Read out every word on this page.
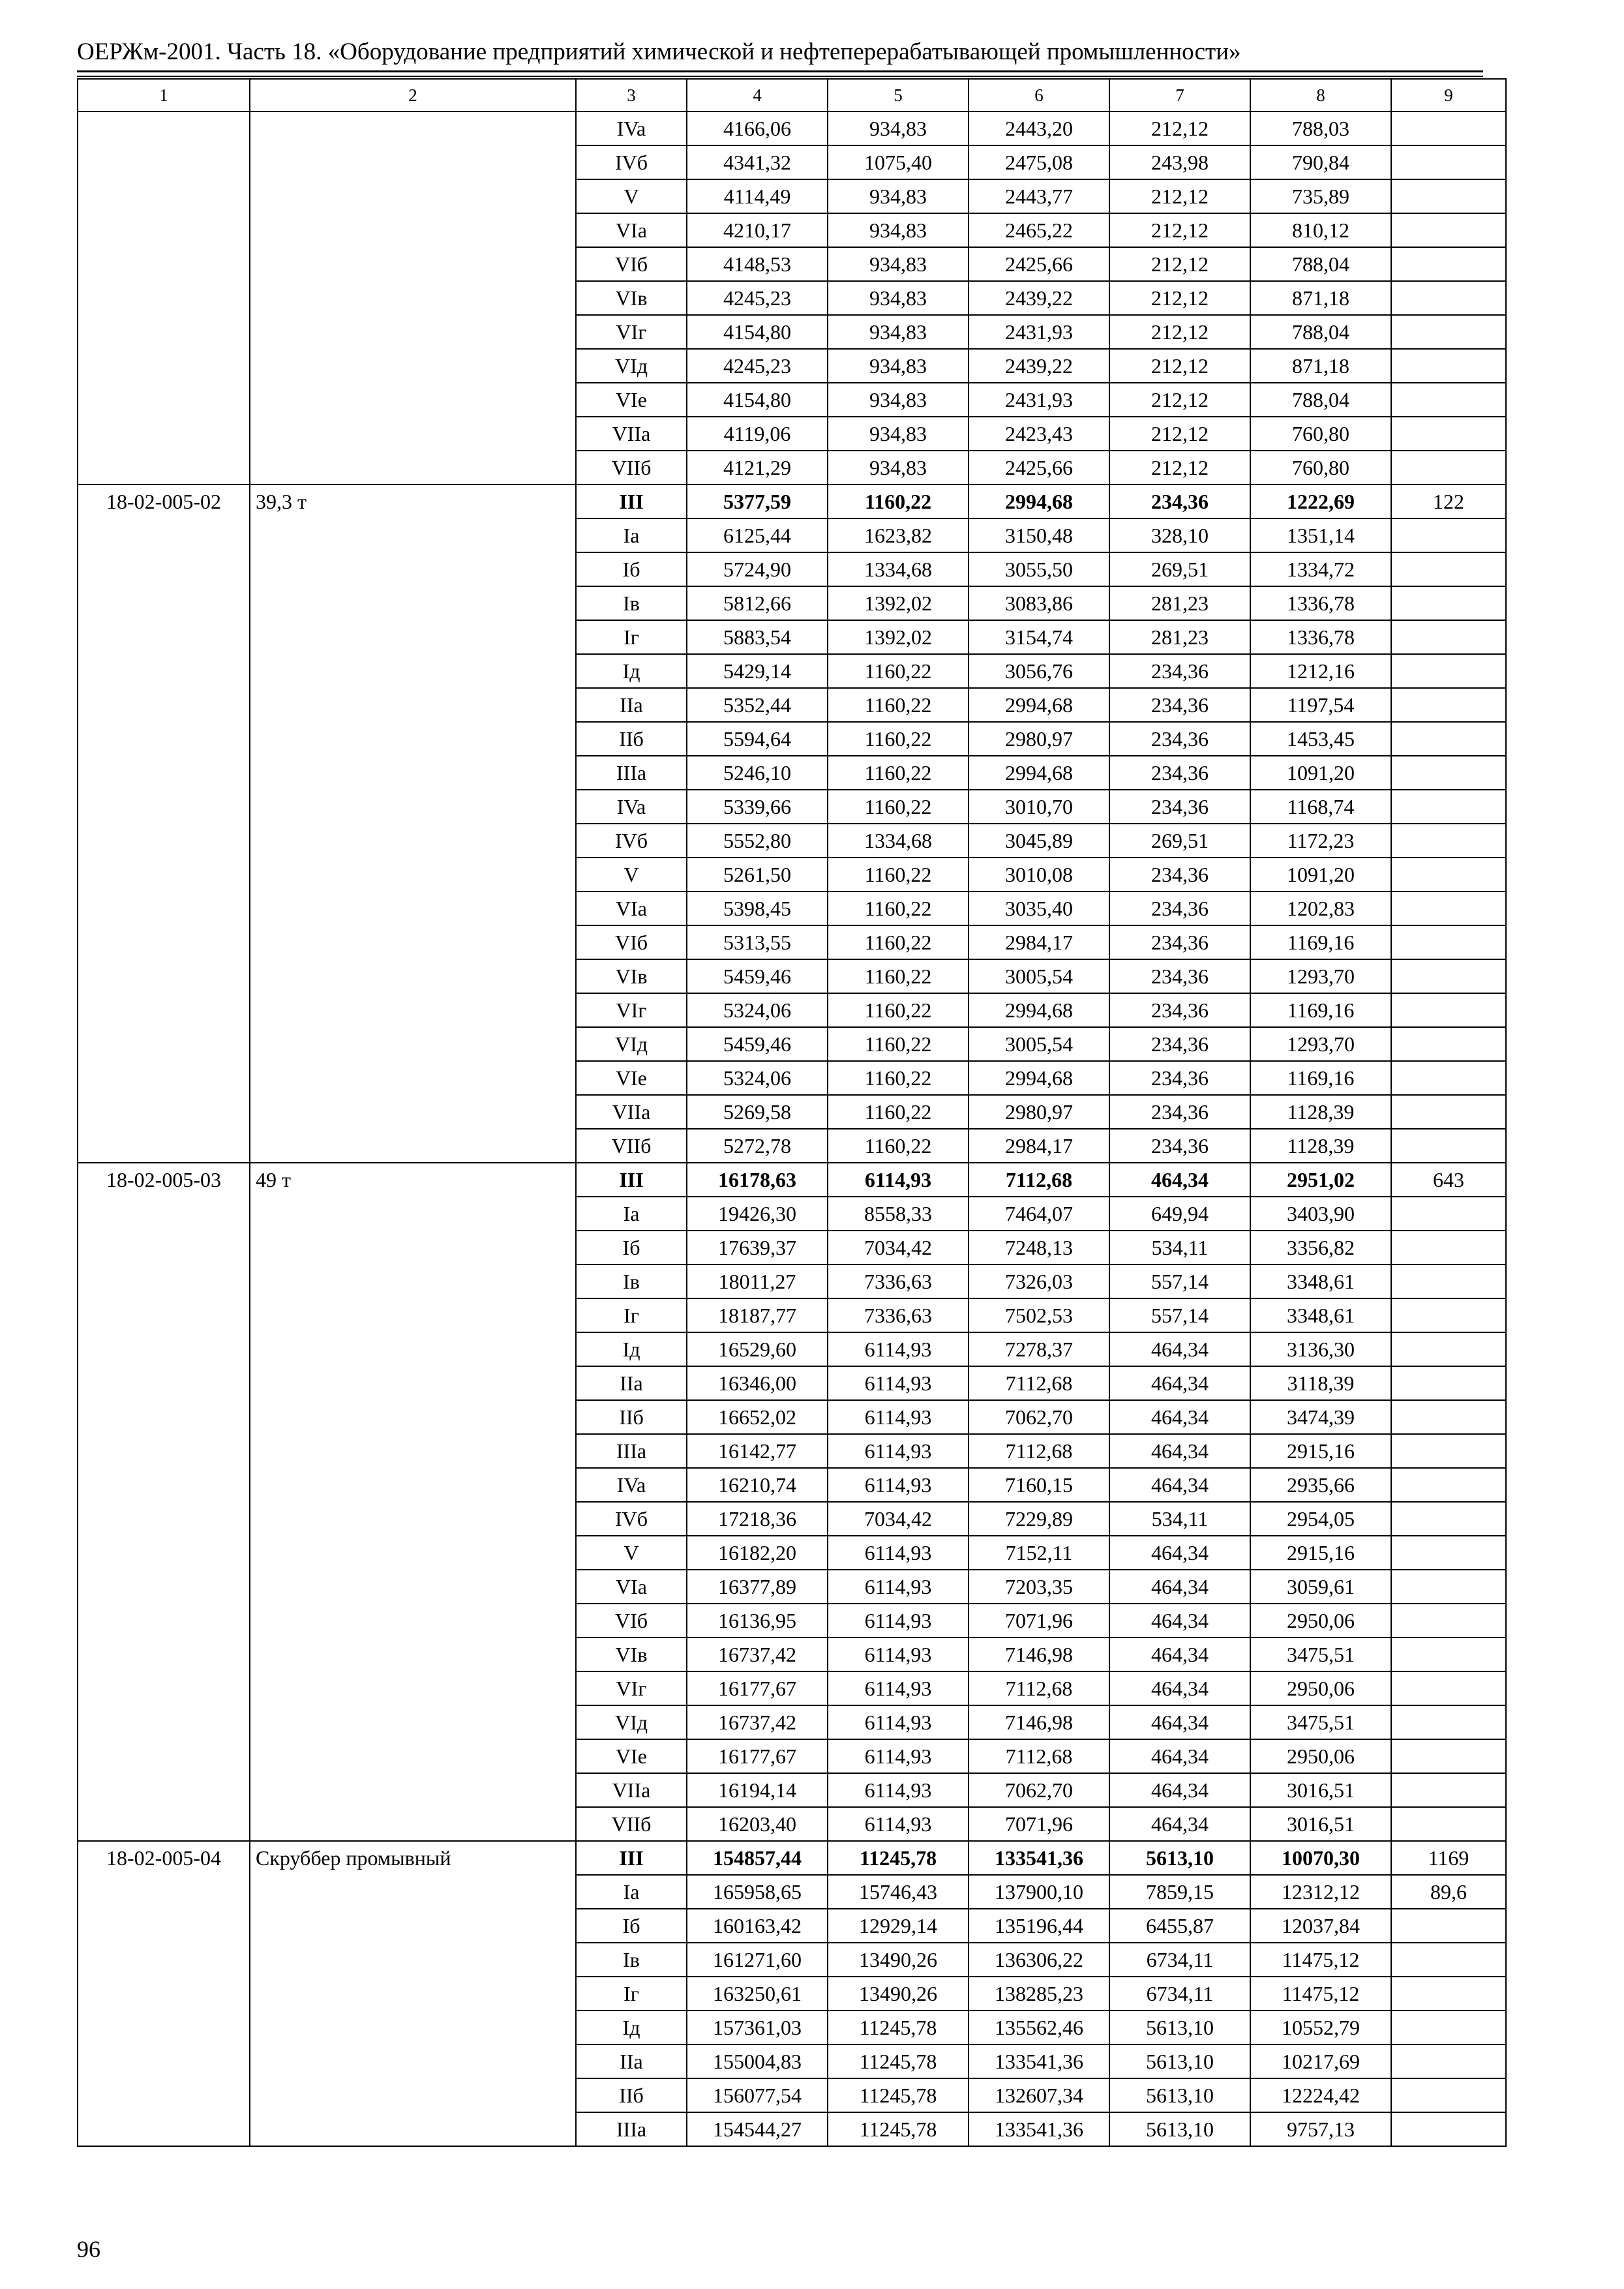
ОЕРЖм-2001. Часть 18. «Оборудование предприятий химической и нефтеперерабатывающей промышленности»
1	2	3	4	5	6	7	8	9
		IVa	4166,06	934,83	2443,20	212,12	788,03	
		IVб	4341,32	1075,40	2475,08	243,98	790,84	
		V	4114,49	934,83	2443,77	212,12	735,89	
		VIa	4210,17	934,83	2465,22	212,12	810,12	
		VIб	4148,53	934,83	2425,66	212,12	788,04	
		VIв	4245,23	934,83	2439,22	212,12	871,18	
		VIг	4154,80	934,83	2431,93	212,12	788,04	
		VIд	4245,23	934,83	2439,22	212,12	871,18	
		VIe	4154,80	934,83	2431,93	212,12	788,04	
		VIIa	4119,06	934,83	2423,43	212,12	760,80	
		VIIб	4121,29	934,83	2425,66	212,12	760,80	
18-02-005-02	39,3 т	III	5377,59	1160,22	2994,68	234,36	1222,69	122
		Ia	6125,44	1623,82	3150,48	328,10	1351,14	
		Iб	5724,90	1334,68	3055,50	269,51	1334,72	
		Iв	5812,66	1392,02	3083,86	281,23	1336,78	
		Iг	5883,54	1392,02	3154,74	281,23	1336,78	
		Iд	5429,14	1160,22	3056,76	234,36	1212,16	
		IIa	5352,44	1160,22	2994,68	234,36	1197,54	
		IIб	5594,64	1160,22	2980,97	234,36	1453,45	
		IIIa	5246,10	1160,22	2994,68	234,36	1091,20	
		IVa	5339,66	1160,22	3010,70	234,36	1168,74	
		IVб	5552,80	1334,68	3045,89	269,51	1172,23	
		V	5261,50	1160,22	3010,08	234,36	1091,20	
		VIa	5398,45	1160,22	3035,40	234,36	1202,83	
		VIб	5313,55	1160,22	2984,17	234,36	1169,16	
		VIв	5459,46	1160,22	3005,54	234,36	1293,70	
		VIг	5324,06	1160,22	2994,68	234,36	1169,16	
		VIд	5459,46	1160,22	3005,54	234,36	1293,70	
		VIe	5324,06	1160,22	2994,68	234,36	1169,16	
		VIIa	5269,58	1160,22	2980,97	234,36	1128,39	
		VIIб	5272,78	1160,22	2984,17	234,36	1128,39	
18-02-005-03	49 т	III	16178,63	6114,93	7112,68	464,34	2951,02	643
		Ia	19426,30	8558,33	7464,07	649,94	3403,90	
		Iб	17639,37	7034,42	7248,13	534,11	3356,82	
		Iв	18011,27	7336,63	7326,03	557,14	3348,61	
		Iг	18187,77	7336,63	7502,53	557,14	3348,61	
		Iд	16529,60	6114,93	7278,37	464,34	3136,30	
		IIa	16346,00	6114,93	7112,68	464,34	3118,39	
		IIб	16652,02	6114,93	7062,70	464,34	3474,39	
		IIIa	16142,77	6114,93	7112,68	464,34	2915,16	
		IVa	16210,74	6114,93	7160,15	464,34	2935,66	
		IVб	17218,36	7034,42	7229,89	534,11	2954,05	
		V	16182,20	6114,93	7152,11	464,34	2915,16	
		VIa	16377,89	6114,93	7203,35	464,34	3059,61	
		VIб	16136,95	6114,93	7071,96	464,34	2950,06	
		VIв	16737,42	6114,93	7146,98	464,34	3475,51	
		VIг	16177,67	6114,93	7112,68	464,34	2950,06	
		VIд	16737,42	6114,93	7146,98	464,34	3475,51	
		VIe	16177,67	6114,93	7112,68	464,34	2950,06	
		VIIa	16194,14	6114,93	7062,70	464,34	3016,51	
		VIIб	16203,40	6114,93	7071,96	464,34	3016,51	
18-02-005-04	Скруббер промывный	III	154857,44	11245,78	133541,36	5613,10	10070,30	1169
		Ia	165958,65	15746,43	137900,10	7859,15	12312,12	89,6
		Iб	160163,42	12929,14	135196,44	6455,87	12037,84	
		Iв	161271,60	13490,26	136306,22	6734,11	11475,12	
		Iг	163250,61	13490,26	138285,23	6734,11	11475,12	
		Iд	157361,03	11245,78	135562,46	5613,10	10552,79	
		IIa	155004,83	11245,78	133541,36	5613,10	10217,69	
		IIб	156077,54	11245,78	132607,34	5613,10	12224,42	
		IIIa	154544,27	11245,78	133541,36	5613,10	9757,13	
96
